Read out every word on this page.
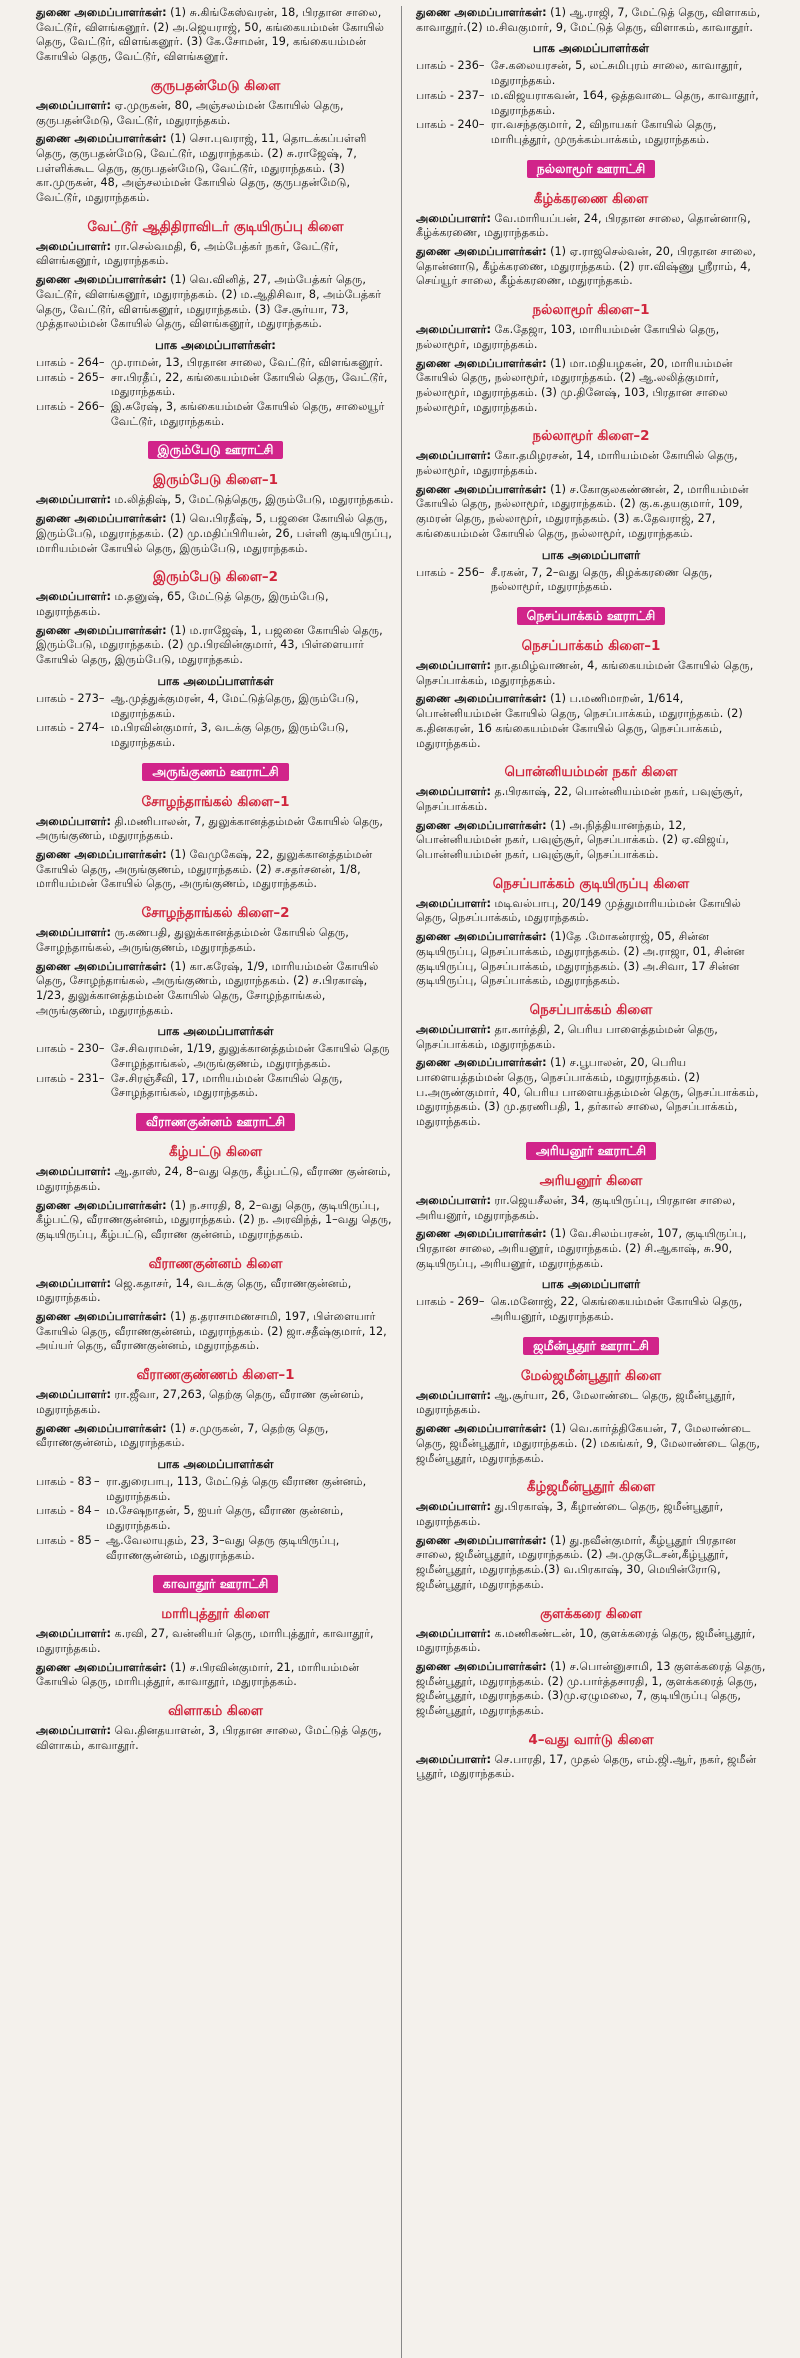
துணை அமைப்பாளர்கள்: (1) சு.கிங்கேஸ்வரன், 18, பிரதான சாலை, வேட்டூர், விளங்கனூர். (2) அ.ஜெயராஜ், 50, கங்கையம்மன் கோயில் தெரு, வேட்டூர், விளங்கனூர். (3) கே.சோமன், 19, கங்கையம்மன் கோயில் தெரு, வேட்டூர், விளங்கனூர்.

குருபதன்மேடு கிளை

அமைப்பாளர்: ஏ.முருகன், 80, அஞ்சலம்மன் கோயில் தெரு, குருபதன்மேடு, வேட்டூர், மதுராந்தகம்.

துணை அமைப்பாளர்கள்: (1) சொ.புவராஜ், 11, தொடக்கப்பள்ளி தெரு, குருபதன்மேடு, வேட்டூர், மதுராந்தகம். (2) சு.ராஜேஷ், 7, பள்ளிக்கூட தெரு, குருபதன்மேடு, வேட்டூர், மதுராந்தகம். (3) கா.முருகன், 48, அஞ்சலம்மன் கோயில் தெரு, குருபதன்மேடு, வேட்டூர், மதுராந்தகம்.

வேட்டூர் ஆதிதிராவிடர் குடியிருப்பு கிளை

அமைப்பாளர்: ரா.செல்வமதி, 6, அம்பேத்கர் நகர், வேட்டூர், விளங்கனூர், மதுராந்தகம்.

துணை அமைப்பாளர்கள்: (1) வெ.வினித், 27, அம்பேத்கர் தெரு, வேட்டூர், விளங்கனூர், மதுராந்தகம். (2) ம.ஆதிசிவா, 8, அம்பேத்கர் தெரு, வேட்டூர், விளங்கனூர், மதுராந்தகம். (3) சே.சூர்யா, 73, முத்தாலம்மன் கோயில் தெரு, விளங்கனூர், மதுராந்தகம்.

பாக அமைப்பாளர்கள்:
பாகம் - 264	–	மு.ராமன், 13, பிரதான சாலை, வேட்டூர், விளங்கனூர்.
பாகம் - 265	–	சா.பிரதீப், 22, கங்கையம்மன் கோயில் தெரு, வேட்டூர், மதுராந்தகம்.
பாகம் - 266	–	இ.சுரேஷ், 3, கங்கையம்மன் கோயில் தெரு, சாலையூர் வேட்டூர், மதுராந்தகம்.
இரும்பேடு ஊராட்சி
இரும்பேடு கிளை–1

அமைப்பாளர்: ம.லித்திஷ், 5, மேட்டுத்தெரு, இரும்பேடு, மதுராந்தகம்.

துணை அமைப்பாளர்கள்: (1) வெ.பிரதீஷ், 5, பஜனை கோயில் தெரு, இரும்பேடு, மதுராந்தகம். (2) மு.மதிப்பிரியன், 26, பள்ளி குடியிருப்பு, மாரியம்மன் கோயில் தெரு, இரும்பேடு, மதுராந்தகம்.

இரும்பேடு கிளை–2

அமைப்பாளர்: ம.தனுஷ், 65, மேட்டுத் தெரு, இரும்பேடு, மதுராந்தகம்.

துணை அமைப்பாளர்கள்: (1) ம.ராஜேஷ், 1, பஜனை கோயில் தெரு, இரும்பேடு, மதுராந்தகம். (2) மு.பிரவின்குமார், 43, பிள்ளையார் கோயில் தெரு, இரும்பேடு, மதுராந்தகம்.

பாக அமைப்பாளர்கள்
பாகம் - 273	–	ஆ.முத்துக்குமரன், 4, மேட்டுத்தெரு, இரும்பேடு, மதுராந்தகம்.
பாகம் - 274	–	ம.பிரவின்குமார், 3, வடக்கு தெரு, இரும்பேடு, மதுராந்தகம்.
அருங்குணம் ஊராட்சி
சோழந்தாங்கல் கிளை–1

அமைப்பாளர்: தி.மணிபாலன், 7, துலுக்கானத்தம்மன் கோயில் தெரு, அருங்குணம், மதுராந்தகம்.

துணை அமைப்பாளர்கள்: (1) வேமுகேஷ், 22, துலுக்கானத்தம்மன் கோயில் தெரு, அருங்குணம், மதுராந்தகம். (2) ச.சதர்சனன், 1/8, மாரியம்மன் கோயில் தெரு, அருங்குணம், மதுராந்தகம்.

சோழந்தாங்கல் கிளை–2

அமைப்பாளர்: ரு.கணபதி, துலுக்கானத்தம்மன் கோயில் தெரு, சோழந்தாங்கல், அருங்குணம், மதுராந்தகம்.

துணை அமைப்பாளர்கள்: (1) கா.கரேஷ், 1/9, மாரியம்மன் கோயில் தெரு, சோழந்தாங்கல், அருங்குணம், மதுராந்தகம். (2) ச.பிரகாஷ், 1/23, துலுக்கானத்தம்மன் கோயில் தெரு, சோழந்தாங்கல், அருங்குணம், மதுராந்தகம்.

பாக அமைப்பாளர்கள்
பாகம் - 230	–	சே.சிவராமன், 1/19, துலுக்கானத்தம்மன் கோயில் தெரு சோழந்தாங்கல், அருங்குணம், மதுராந்தகம்.
பாகம் - 231	–	சே.சிரஞ்சீவி, 17, மாரியம்மன் கோயில் தெரு, சோழந்தாங்கல், மதுராந்தகம்.
வீராணகுன்னம் ஊராட்சி
கீழ்பட்டு கிளை

அமைப்பாளர்: ஆ.தாஸ், 24, 8–வது தெரு, கீழ்பட்டு, வீராண குன்னம், மதுராந்தகம்.

துணை அமைப்பாளர்கள்: (1) ந.சாரதி, 8, 2–வது தெரு, குடியிருப்பு, கீழ்பட்டு, வீராணகுன்னம், மதுராந்தகம். (2) ந. அரவிந்த், 1–வது தெரு, குடியிருப்பு, கீழ்பட்டு, வீராண குன்னம், மதுராந்தகம்.

வீராணகுன்னம் கிளை

அமைப்பாளர்: ஜெ.கதாசர், 14, வடக்கு தெரு, வீராணகுன்னம், மதுராந்தகம்.

துணை அமைப்பாளர்கள்: (1) த.தராசாமணசாமி, 197, பிள்ளையார் கோயில் தெரு, வீராணகுன்னம், மதுராந்தகம். (2) ஜா.சதீஷ்குமார், 12, அய்யர் தெரு, வீராணகுன்னம், மதுராந்தகம்.

வீராணகுண்ணம் கிளை–1

அமைப்பாளர்: ரா.ஜீவா, 27,263, தெற்கு தெரு, வீராண குன்னம், மதுராந்தகம்.

துணை அமைப்பாளர்கள்: (1) ச.முருகன், 7, தெற்கு தெரு, வீராணகுன்னம், மதுராந்தகம்.

பாக அமைப்பாளர்கள்
பாகம் - 83	–	ரா.துரைபாபு, 113, மேட்டுத் தெரு வீராண குன்னம், மதுராந்தகம்.
பாகம் - 84	–	ம.சேஷநாதன், 5, ஐயர் தெரு, வீராண குன்னம், மதுராந்தகம்.
பாகம் - 85	–	ஆ.வேலாயுதம், 23, 3–வது தெரு குடியிருப்பு, வீராணகுன்னம், மதுராந்தகம்.
காவாதூர் ஊராட்சி
மாரிபுத்தூர் கிளை

அமைப்பாளர்: க.ரவி, 27, வன்னியர் தெரு, மாரிபுத்தூர், காவாதூர், மதுராந்தகம்.

துணை அமைப்பாளர்கள்: (1) ச.பிரவின்குமார், 21, மாரியம்மன் கோயில் தெரு, மாரிபுத்தூர், காவாதூர், மதுராந்தகம்.

விளாகம் கிளை

அமைப்பாளர்: வெ.தினதயாளன், 3, பிரதான சாலை, மேட்டுத் தெரு, விளாகம், காவாதூர்.

துணை அமைப்பாளர்கள்: (1) ஆ.ராஜி, 7, மேட்டுத் தெரு, விளாகம், காவாதூர்.(2) ம.சிவகுமார், 9, மேட்டுத் தெரு, விளாகம், காவாதூர்.

பாக அமைப்பாளர்கள்
பாகம் - 236	–	சே.கலையரசன், 5, லட்சுமிபுரம் சாலை, காவாதூர், மதுராந்தகம்.
பாகம் - 237	–	ம.விஜயராகவன், 164, ஒத்தவாடை தெரு, காவாதூர், மதுராந்தகம்.
பாகம் - 240	–	ரா.வசந்தகுமார், 2, விநாயகர் கோயில் தெரு, மாரிபுத்தூர், முருக்கம்பாக்கம், மதுராந்தகம்.
நல்லாமூர் ஊராட்சி
கீழ்க்கரணை கிளை

அமைப்பாளர்: வே.மாரியப்பன், 24, பிரதான சாலை, தொன்னாடு, கீழ்க்கரணை, மதுராந்தகம்.

துணை அமைப்பாளர்கள்: (1) ஏ.ராஜசெல்வன், 20, பிரதான சாலை, தொன்னாடு, கீழ்க்கரணை, மதுராந்தகம். (2) ரா.விஷ்ணு ஸ்ரீராம், 4, செய்யூர் சாலை, கீழ்க்கரணை, மதுராந்தகம்.

நல்லாமூர் கிளை–1

அமைப்பாளர்: கே.தேஜா, 103, மாரியம்மன் கோயில் தெரு, நல்லாமூர், மதுராந்தகம்.

துணை அமைப்பாளர்கள்: (1) மா.மதியழகன், 20, மாரியம்மன் கோயில் தெரு, நல்லாமூர், மதுராந்தகம். (2) ஆ.லலித்குமார், நல்லாமூர், மதுராந்தகம். (3) மு.தினேஷ், 103, பிரதான சாலை நல்லாமூர், மதுராந்தகம்.

நல்லாமூர் கிளை–2

அமைப்பாளர்: கோ.தமிழரசன், 14, மாரியம்மன் கோயில் தெரு, நல்லாமூர், மதுராந்தகம்.

துணை அமைப்பாளர்கள்: (1) ச.கோகுலகண்ணன், 2, மாரியம்மன் கோயில் தெரு, நல்லாமூர், மதுராந்தகம். (2) கு.க.தயகுமார், 109, குமரன் தெரு, நல்லாமூர், மதுராந்தகம். (3) க.தேவராஜ், 27, கங்கையம்மன் கோயில் தெரு, நல்லாமூர், மதுராந்தகம்.

பாக அமைப்பாளர்
பாகம் - 256	–	சீ.ரகன், 7, 2–வது தெரு, கிழக்கரணை தெரு, நல்லாமூர், மதுராந்தகம்.
நெசப்பாக்கம் ஊராட்சி
நெசப்பாக்கம் கிளை–1

அமைப்பாளர்: நா.தமிழ்வாணன், 4, கங்கையம்மன் கோயில் தெரு, நெசப்பாக்கம், மதுராந்தகம்.

துணை அமைப்பாளர்கள்: (1) ப.மணிமாறன், 1/614, பொன்னியம்மன் கோயில் தெரு, நெசப்பாக்கம், மதுராந்தகம். (2) க.தினகரன், 16 கங்கையம்மன் கோயில் தெரு, நெசப்பாக்கம், மதுராந்தகம்.

பொன்னியம்மன் நகர் கிளை

அமைப்பாளர்: த.பிரகாஷ், 22, பொன்னியம்மன் நகர், பவுஞ்சூர், நெசப்பாக்கம்.

துணை அமைப்பாளர்கள்: (1) அ.நித்தியானந்தம், 12, பொன்னியம்மன் நகர், பவுஞ்சூர், நெசப்பாக்கம். (2) ஏ.விஜய், பொன்னியம்மன் நகர், பவுஞ்சூர், நெசப்பாக்கம்.

நெசப்பாக்கம் குடியிருப்பு கிளை

அமைப்பாளர்: மடிவல்பாபு, 20/149 முத்துமாரியம்மன் கோயில் தெரு, நெசப்பாக்கம், மதுராந்தகம்.

துணை அமைப்பாளர்கள்: (1)தே .மோகன்ராஜ், 05, சின்ன குடியிருப்பு, நெசப்பாக்கம், மதுராந்தகம். (2) அ.ராஜா, 01, சின்ன குடியிருப்பு, நெசப்பாக்கம், மதுராந்தகம். (3) அ.சிவா, 17 சின்ன குடியிருப்பு, நெசப்பாக்கம், மதுராந்தகம்.

நெசப்பாக்கம் கிளை

அமைப்பாளர்: தா.கார்த்தி, 2, பெரிய பாளைத்தம்மன் தெரு, நெசப்பாக்கம், மதுராந்தகம்.

துணை அமைப்பாளர்கள்: (1) ச.பூபாலன், 20, பெரிய பாளையத்தம்மன் தெரு, நெசப்பாக்கம், மதுராந்தகம். (2) ப.அருண்குமார், 40, பெரிய பாளையத்தம்மன் தெரு, நெசப்பாக்கம், மதுராந்தகம். (3) மு.தரணிபதி, 1, தர்கால் சாலை, நெசப்பாக்கம், மதுராந்தகம்.

அரியனூர் ஊராட்சி
அரியனூர் கிளை

அமைப்பாளர்: ரா.ஜெயசீலன், 34, குடியிருப்பு, பிரதான சாலை, அரியனூர், மதுராந்தகம்.

துணை அமைப்பாளர்கள்: (1) வே.சிலம்பரசன், 107, குடியிருப்பு, பிரதான சாலை, அரியனூர், மதுராந்தகம். (2) சி.ஆகாஷ், சு.90, குடியிருப்பு, அரியனூர், மதுராந்தகம்.

பாக அமைப்பாளர்
பாகம் - 269	–	கெ.மனோஜ், 22, கெங்கையம்மன் கோயில் தெரு, அரியனூர், மதுராந்தகம்.
ஜமீன்பூதூர் ஊராட்சி
மேல்ஜமீன்பூதூர் கிளை

அமைப்பாளர்: ஆ.சூர்யா, 26, மேலாண்டை தெரு, ஜமீன்பூதூர், மதுராந்தகம்.

துணை அமைப்பாளர்கள்: (1) வெ.கார்த்திகேயன், 7, மேலாண்டை தெரு, ஜமீன்பூதூர், மதுராந்தகம். (2) மகங்கர், 9, மேலாண்டை தெரு, ஜமீன்பூதூர், மதுராந்தகம்.

கீழ்ஜமீன்பூதூர் கிளை

அமைப்பாளர்: து.பிரகாஷ், 3, கீழாண்டை தெரு, ஜமீன்பூதூர், மதுராந்தகம்.

துணை அமைப்பாளர்கள்: (1) து.நவீன்குமார், கீழ்பூதூர் பிரதான சாலை, ஜமீன்பூதூர், மதுராந்தகம். (2) அ.முகுடேசன்,கீழ்பூதூர், ஜமீன்பூதூர், மதுராந்தகம்.(3) வ.பிரகாஷ், 30, மெயின்ரோடு, ஜமீன்பூதூர், மதுராந்தகம்.

குளக்கரை கிளை

அமைப்பாளர்: க.மணிகண்டன், 10, குளக்கரைத் தெரு, ஜமீன்பூதூர், மதுராந்தகம்.

துணை அமைப்பாளர்கள்: (1) ச.பொன்னுசாமி, 13 குளக்கரைத் தெரு, ஜமீன்பூதூர், மதுராந்தகம். (2) மு.பார்த்தசாரதி, 1, குளக்கரைத் தெரு, ஜமீன்பூதூர், மதுராந்தகம். (3)மு.ஏழுமலை, 7, குடியிருப்பு தெரு, ஜமீன்பூதூர், மதுராந்தகம்.

4–வது வார்டு கிளை

அமைப்பாளர்: செ.பாரதி, 17, முதல் தெரு, எம்.ஜி.ஆர், நகர், ஜமீன் பூதூர், மதுராந்தகம்.
